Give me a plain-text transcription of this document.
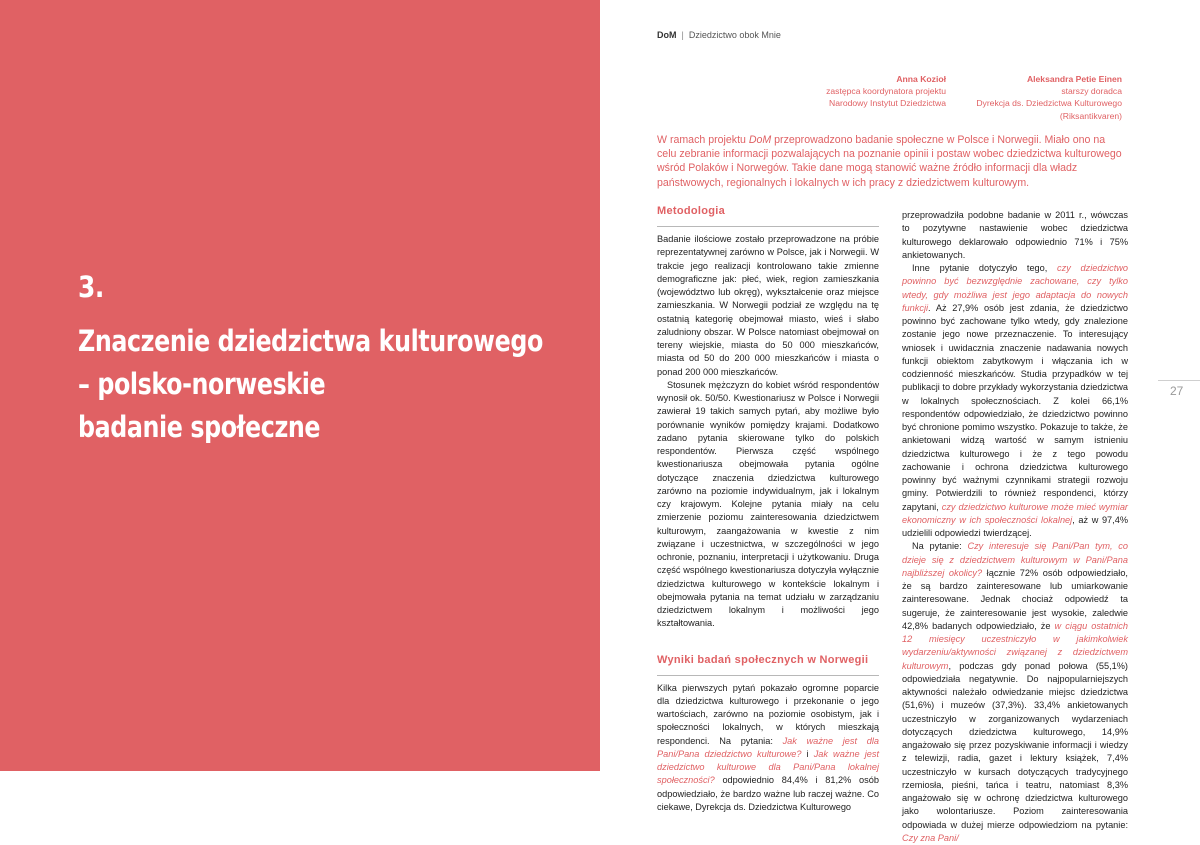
3.
Znaczenie dziedzictwa kulturowego
– polsko-norweskie
badanie społeczne
DoM | Dziedzictwo obok Mnie
Anna Kozioł
zastępca koordynatora projektu
Narodowy Instytut Dziedzictwa
Aleksandra Petie Einen
starszy doradca
Dyrekcja ds. Dziedzictwa Kulturowego
(Riksantikvaren)
W ramach projektu DoM przeprowadzono badanie społeczne w Polsce i Norwegii. Miało ono na celu zebranie informacji pozwalających na poznanie opinii i postaw wobec dziedzictwa kulturowego wśród Polaków i Norwegów. Takie dane mogą stanowić ważne źródło informacji dla władz państwowych, regionalnych i lokalnych w ich pracy z dziedzictwem kulturowym.
Metodologia

Badanie ilościowe zostało przeprowadzone na próbie reprezentatywnej zarówno w Polsce, jak i Norwegii. W trakcie jego realizacji kontrolowano takie zmienne demograficzne jak: płeć, wiek, region zamieszkania (województwo lub okręg), wykształcenie oraz miejsce zamieszkania. W Norwegii podział ze względu na tę ostatnią kategorię obejmował miasto, wieś i słabo zaludniony obszar. W Polsce natomiast obejmował on tereny wiejskie, miasta do 50 000 mieszkańców, miasta od 50 do 200 000 mieszkańców i miasta o ponad 200 000 mieszkańców.

Stosunek mężczyzn do kobiet wśród respondentów wynosił ok. 50/50. Kwestionariusz w Polsce i Norwegii zawierał 19 takich samych pytań, aby możliwe było porównanie wyników pomiędzy krajami. Dodatkowo zadano pytania skierowane tylko do polskich respondentów. Pierwsza część wspólnego kwestionariusza obejmowała pytania ogólne dotyczące znaczenia dziedzictwa kulturowego zarówno na poziomie indywidualnym, jak i lokalnym czy krajowym. Kolejne pytania miały na celu zmierzenie poziomu zainteresowania dziedzictwem kulturowym, zaangażowania w kwestie z nim związane i uczestnictwa, w szczególności w jego ochronie, poznaniu, interpretacji i użytkowaniu. Druga część wspólnego kwestionariusza dotyczyła wyłącznie dziedzictwa kulturowego w kontekście lokalnym i obejmowała pytania na temat udziału w zarządzaniu dziedzictwem lokalnym i możliwości jego kształtowania.

Wyniki badań społecznych w Norwegii

Kilka pierwszych pytań pokazało ogromne poparcie dla dziedzictwa kulturowego i przekonanie o jego wartościach, zarówno na poziomie osobistym, jak i społeczności lokalnych, w których mieszkają respondenci. Na pytania: Jak ważne jest dla Pani/Pana dziedzictwo kulturowe? i Jak ważne jest dziedzictwo kulturowe dla Pani/Pana lokalnej społeczności? odpowiednio 84,4% i 81,2% osób odpowiedziało, że bardzo ważne lub raczej ważne. Co ciekawe, Dyrekcja ds. Dziedzictwa Kulturowego

przeprowadziła podobne badanie w 2011 r., wówczas to pozytywne nastawienie wobec dziedzictwa kulturowego deklarowało odpowiednio 71% i 75% ankietowanych.

Inne pytanie dotyczyło tego, czy dziedzictwo powinno być bezwzględnie zachowane, czy tylko wtedy, gdy możliwa jest jego adaptacja do nowych funkcji. Aż 27,9% osób jest zdania, że dziedzictwo powinno być zachowane tylko wtedy, gdy znalezione zostanie jego nowe przeznaczenie. To interesujący wniosek i uwidacznia znaczenie nadawania nowych funkcji obiektom zabytkowym i włączania ich w codzienność mieszkańców. Studia przypadków w tej publikacji to dobre przykłady wykorzystania dziedzictwa w lokalnych społecznościach. Z kolei 66,1% respondentów odpowiedziało, że dziedzictwo powinno być chronione pomimo wszystko. Pokazuje to także, że ankietowani widzą wartość w samym istnieniu dziedzictwa kulturowego i że z tego powodu zachowanie i ochrona dziedzictwa kulturowego powinny być ważnymi czynnikami strategii rozwoju gminy. Potwierdzili to również respondenci, którzy zapytani, czy dziedzictwo kulturowe może mieć wymiar ekonomiczny w ich społeczności lokalnej, aż w 97,4% udzielili odpowiedzi twierdzącej.

Na pytanie: Czy interesuje się Pani/Pan tym, co dzieje się z dziedzictwem kulturowym w Pani/Pana najbliższej okolicy? łącznie 72% osób odpowiedziało, że są bardzo zainteresowane lub umiarkowanie zainteresowane. Jednak chociaż odpowiedź ta sugeruje, że zainteresowanie jest wysokie, zaledwie 42,8% badanych odpowiedziało, że w ciągu ostatnich 12 miesięcy uczestniczyło w jakimkolwiek wydarzeniu/aktywności związanej z dziedzictwem kulturowym, podczas gdy ponad połowa (55,1%) odpowiedziała negatywnie. Do najpopularniejszych aktywności należało odwiedzanie miejsc dziedzictwa (51,6%) i muzeów (37,3%). 33,4% ankietowanych uczestniczyło w zorganizowanych wydarzeniach dotyczących dziedzictwa kulturowego, 14,9% angażowało się przez pozyskiwanie informacji i wiedzy z telewizji, radia, gazet i lektury książek, 7,4% uczestniczyło w kursach dotyczących tradycyjnego rzemiosła, pieśni, tańca i teatru, natomiast 8,3% angażowało się w ochronę dziedzictwa kulturowego jako wolontariusze. Poziom zainteresowania odpowiada w dużej mierze odpowiedziom na pytanie: Czy zna Pani/

27
